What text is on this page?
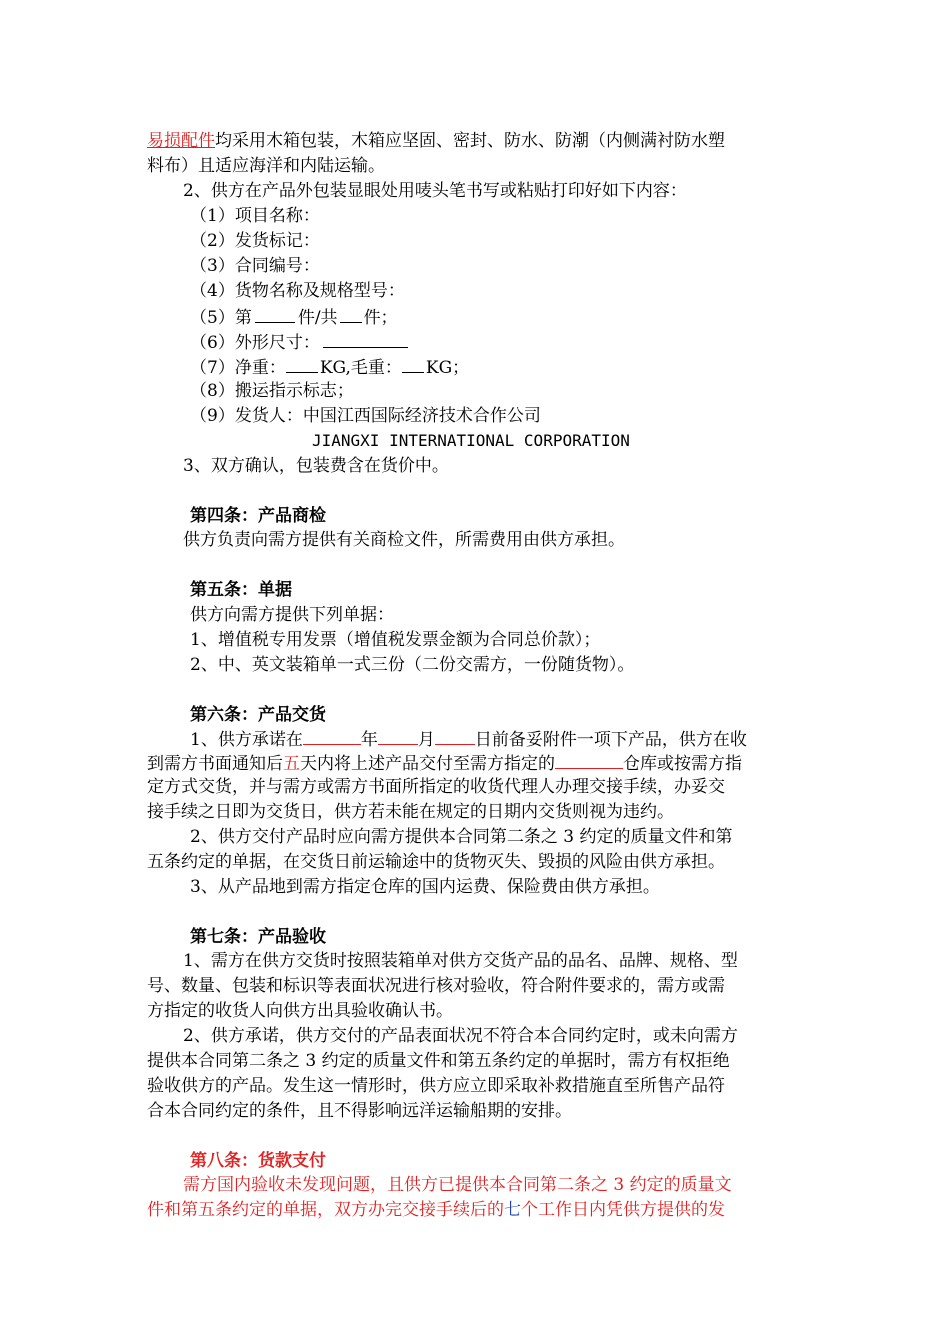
易损配件均采用木箱包装，木箱应坚固、密封、防水、防潮（内侧满衬防水塑
料布）且适应海洋和内陆运输。
2、供方在产品外包装显眼处用唛头笔书写或粘贴打印好如下内容：
（1）项目名称：
（2）发货标记：
（3）合同编号：
（4）货物名称及规格型号：
（5）第	件/共 件；
（6）外形尺寸：
（7）净重： KG,毛重： KG；
（8）搬运指示标志；
（9）发货人：中国江西国际经济技术合作公司
JIANGXI INTERNATIONAL CORPORATION
3、双方确认，包装费含在货价中。
第四条：产品商检
供方负责向需方提供有关商检文件，所需费用由供方承担。
第五条：单据
供方向需方提供下列单据：
1、增值税专用发票（增值税发票金额为合同总价款）；
2、中、英文装箱单一式三份（二份交需方，一份随货物）。
第六条：产品交货
1、供方承诺在	年 月 日前备妥附件一项下产品，供方在收
到需方书面通知后五天内将上述产品交付至需方指定的	仓库或按需方指
定方式交货，并与需方或需方书面所指定的收货代理人办理交接手续，办妥交
接手续之日即为交货日，供方若未能在规定的日期内交货则视为违约。
2、供方交付产品时应向需方提供本合同第二条之 3 约定的质量文件和第
五条约定的单据，在交货日前运输途中的货物灭失、毁损的风险由供方承担。
3、从产品地到需方指定仓库的国内运费、保险费由供方承担。
第七条：产品验收
1、需方在供方交货时按照装箱单对供方交货产品的品名、品牌、规格、型
号、数量、包装和标识等表面状况进行核对验收，符合附件要求的，需方或需
方指定的收货人向供方出具验收确认书。
2、供方承诺，供方交付的产品表面状况不符合本合同约定时，或未向需方
提供本合同第二条之 3 约定的质量文件和第五条约定的单据时，需方有权拒绝
验收供方的产品。发生这一情形时，供方应立即采取补救措施直至所售产品符
合本合同约定的条件，且不得影响远洋运输船期的安排。
第八条：货款支付
需方国内验收未发现问题，且供方已提供本合同第二条之 3 约定的质量文
件和第五条约定的单据，双方办完交接手续后的七个工作日内凭供方提供的发
